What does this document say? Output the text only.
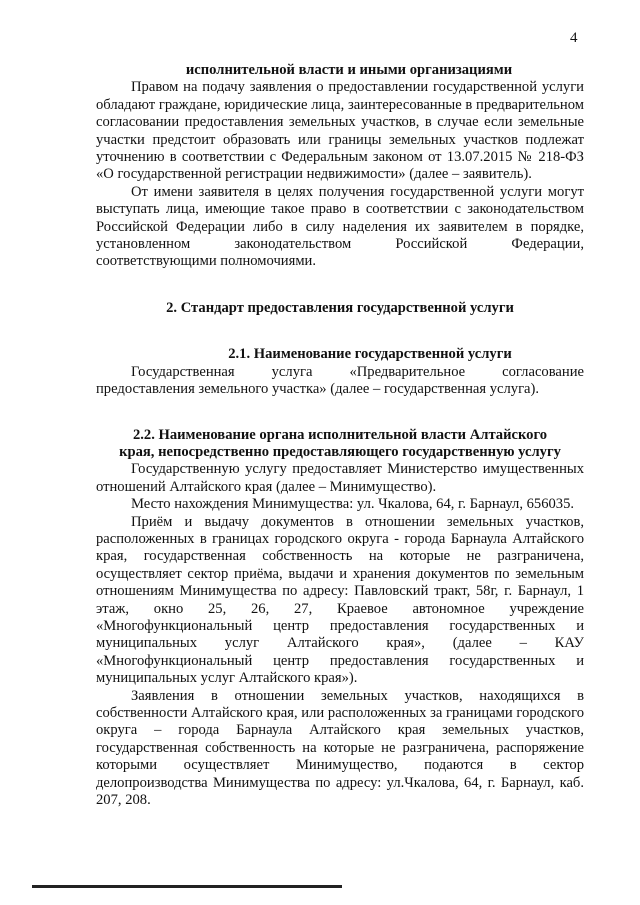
4
исполнительной власти и иными организациями

Правом на подачу заявления о предоставлении государственной услуги обладают граждане, юридические лица, заинтересованные в предварительном согласовании предоставления земельных участков, в случае если земельные участки предстоит образовать или границы земельных участков подлежат уточнению в соответствии с Федеральным законом от 13.07.2015 № 218-ФЗ «О государственной регистрации недвижимости» (далее – заявитель).

От имени заявителя в целях получения государственной услуги могут выступать лица, имеющие такое право в соответствии с законодательством Российской Федерации либо в силу наделения их заявителем в порядке, установленном законодательством Российской Федерации, соответствующими полномочиями.

2. Стандарт предоставления государственной услуги
2.1. Наименование государственной услуги

Государственная услуга «Предварительное согласование предоставления земельного участка» (далее – государственная услуга).

2.2. Наименование органа исполнительной власти Алтайского
края, непосредственно предоставляющего государственную услугу

Государственную услугу предоставляет Министерство имущественных отношений Алтайского края (далее – Минимущество).

Место нахождения Минимущества: ул. Чкалова, 64, г. Барнаул, 656035.

Приём и выдачу документов в отношении земельных участков, расположенных в границах городского округа - города Барнаула Алтайского края, государственная собственность на которые не разграничена, осуществляет сектор приёма, выдачи и хранения документов по земельным отношениям Минимущества по адресу: Павловский тракт, 58г, г. Барнаул, 1 этаж, окно 25, 26, 27, Краевое автономное учреждение «Многофункциональный центр предоставления государственных и муниципальных услуг Алтайского края», (далее – КАУ «Многофункциональный центр предоставления государственных и муниципальных услуг Алтайского края»).

Заявления в отношении земельных участков, находящихся в собственности Алтайского края, или расположенных за границами городского округа – города Барнаула Алтайского края земельных участков, государственная собственность на которые не разграничена, распоряжение которыми осуществляет Минимущество, подаются в сектор делопроизводства Минимущества по адресу: ул.Чкалова, 64, г. Барнаул, каб. 207, 208.
